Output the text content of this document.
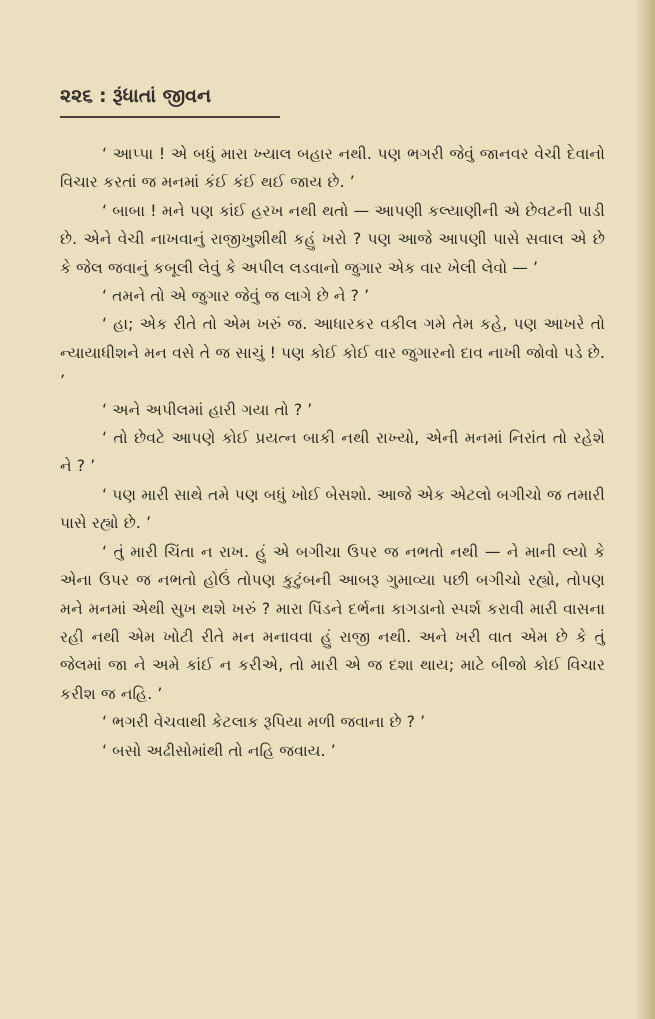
૨૨૬ : રૂંધાતાં જીવન

‘ આપ્પા ! એ બધું મારા ખ્યાલ બહાર નથી. પણ ભગરી જેવું જાનવર વેચી દેવાનો વિચાર કરતાં જ મનમાં કંઈ કંઈ થઈ જાય છે. ’

‘ બાબા ! મને પણ કાંઈ હરખ નથી થતો — આપણી કલ્યાણીની એ છેવટની પાડી છે. એને વેચી નાખવાનું રાજીખુશીથી કહું ખરો ? પણ આજે આપણી પાસે સવાલ એ છે કે જેલ જવાનું કબૂલી લેવું કે અપીલ લડવાનો જુગાર એક વાર ખેલી લેવો — ’

‘ તમને તો એ જુગાર જેવું જ લાગે છે ને ? ’

‘ હા; એક રીતે તો એમ ખરું જ. આધારકર વકીલ ગમે તેમ કહે, પણ આખરે તો ન્યાયાધીશને મન વસે તે જ સાચું ! પણ કોઈ કોઈ વાર જુગારનો દાવ નાખી જોવો પડે છે. ’

‘ અને અપીલમાં હારી ગયા તો ? ’

‘ તો છેવટે આપણે કોઈ પ્રયત્ન બાકી નથી રાખ્યો, એની મનમાં નિરાંત તો રહેશે ને ? ’

‘ પણ મારી સાથે તમે પણ બધું ખોઈ બેસશો. આજે એક એટલો બગીચો જ તમારી પાસે રહ્યો છે. ’

‘ તું મારી ચિંતા ન રાખ. હું એ બગીચા ઉપર જ નભતો નથી — ને માની લ્યો કે એના ઉપર જ નભતો હોઉં તોપણ કુટુંબની આબરૂ ગુમાવ્યા પછી બગીચો રહ્યો, તોપણ મને મનમાં એથી સુખ થશે ખરું ? મારા પિંડને દર્ભના કાગડાનો સ્પર્શ કરાવી મારી વાસના રહી નથી એમ ખોટી રીતે મન મનાવવા હું રાજી નથી. અને ખરી વાત એમ છે કે તું જેલમાં જા ને અમે કાંઈ ન કરીએ, તો મારી એ જ દશા થાય; માટે બીજો કોઈ વિચાર કરીશ જ નહિ. ’

‘ ભગરી વેચવાથી કેટલાક રૂપિયા મળી જવાના છે ? ’

‘ બસો અઢીસોમાંથી તો નહિ જવાય. ’
